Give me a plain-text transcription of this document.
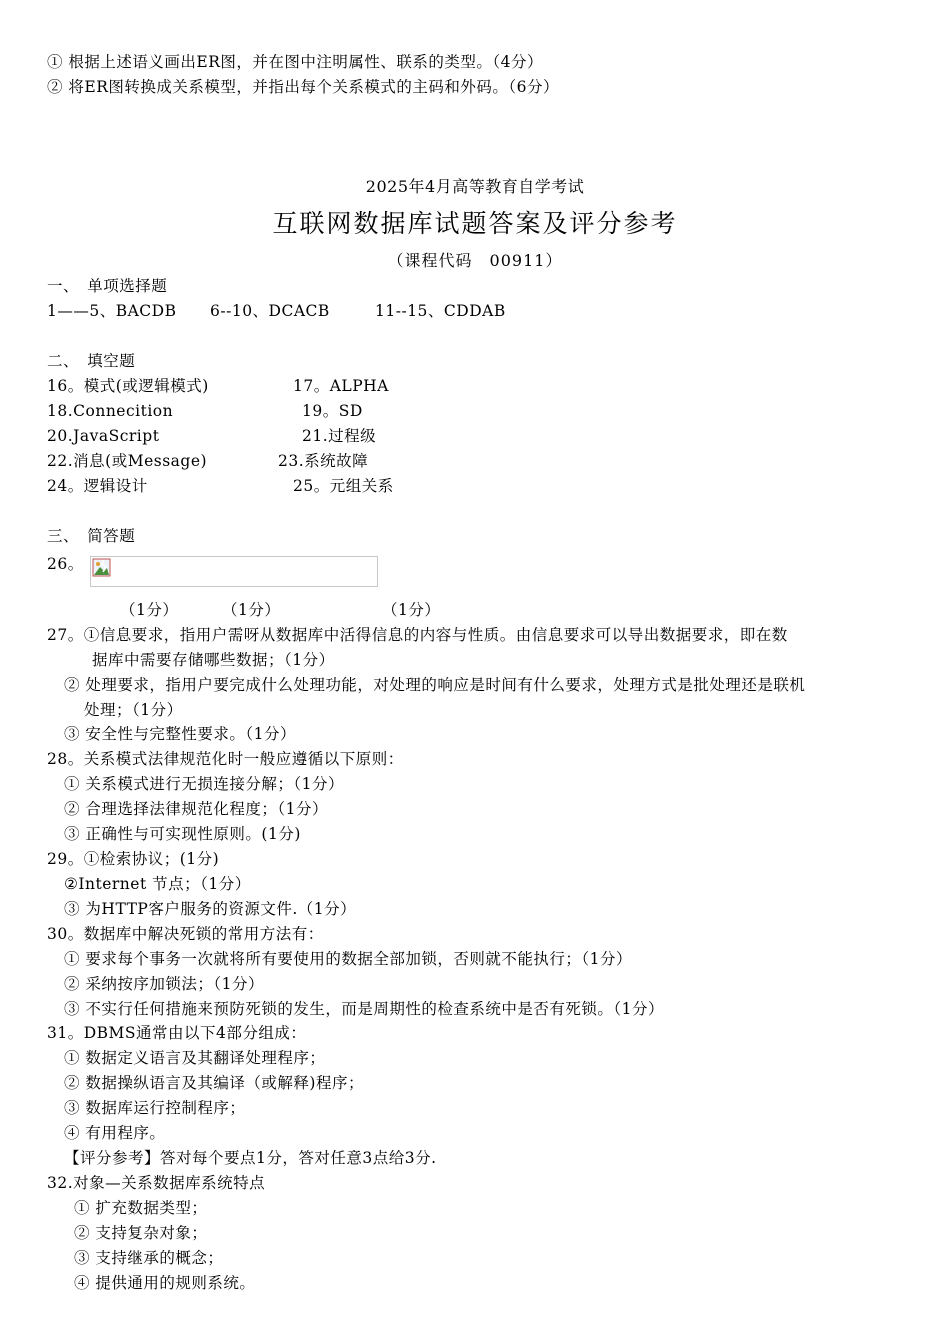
① 根据上述语义画出ER图，并在图中注明属性、联系的类型。（4分）
② 将ER图转换成关系模型，并指出每个关系模式的主码和外码。（6分）
2025年4月高等教育自学考试
互联网数据库试题答案及评分参考
（课程代码　00911）
一、　单项选择题
1——5、BACDB 6--10、DCACB	11--15、CDDAB
二、　填空题
16。模式(或逻辑模式)	17。ALPHA
18.Connecition	19。SD
20.JavaScript	21.过程级
22.消息(或Message)	23.系统故障
24。逻辑设计	25。元组关系
三、　简答题
26。
（1分）	（1分）	（1分）
27。①信息要求，指用户需呀从数据库中活得信息的内容与性质。由信息要求可以导出数据要求，即在数
据库中需要存储哪些数据；（1分）
② 处理要求，指用户要完成什么处理功能，对处理的响应是时间有什么要求，处理方式是批处理还是联机
处理；（1分）
③ 安全性与完整性要求。（1分）
28。关系模式法律规范化时一般应遵循以下原则：
① 关系模式进行无损连接分解；（1分）
② 合理选择法律规范化程度；（1分）
③ 正确性与可实现性原则。(1分)
29。①检索协议；(1分)
②Internet 节点；（1分）
③ 为HTTP客户服务的资源文件.（1分）
30。数据库中解决死锁的常用方法有：
① 要求每个事务一次就将所有要使用的数据全部加锁，否则就不能执行；（1分）
② 采纳按序加锁法；（1分）
③ 不实行任何措施来预防死锁的发生，而是周期性的检查系统中是否有死锁。（1分）
31。DBMS通常由以下4部分组成：
① 数据定义语言及其翻译处理程序；
② 数据操纵语言及其编译（或解释)程序；
③ 数据库运行控制程序；
④ 有用程序。
【评分参考】答对每个要点1分，答对任意3点给3分.
32.对象—关系数据库系统特点
① 扩充数据类型；
② 支持复杂对象；
③ 支持继承的概念；
④ 提供通用的规则系统。
